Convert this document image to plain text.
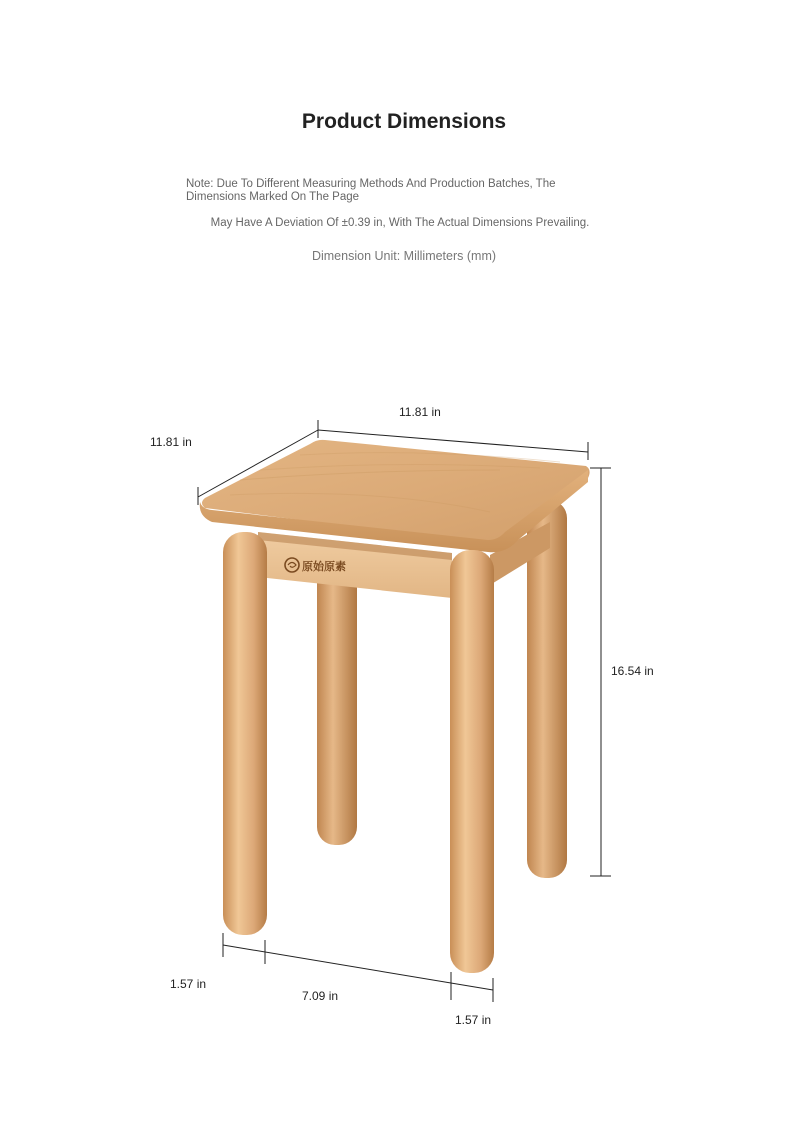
Product Dimensions

Note: Due To Different Measuring Methods And Production Batches, The Dimensions Marked On The Page

May Have A Deviation Of ±0.39 in, With The Actual Dimensions Prevailing.

Dimension Unit: Millimeters (mm)

原始原素
11.81 in
11.81 in
16.54 in
1.57 in
7.09 in
1.57 in
